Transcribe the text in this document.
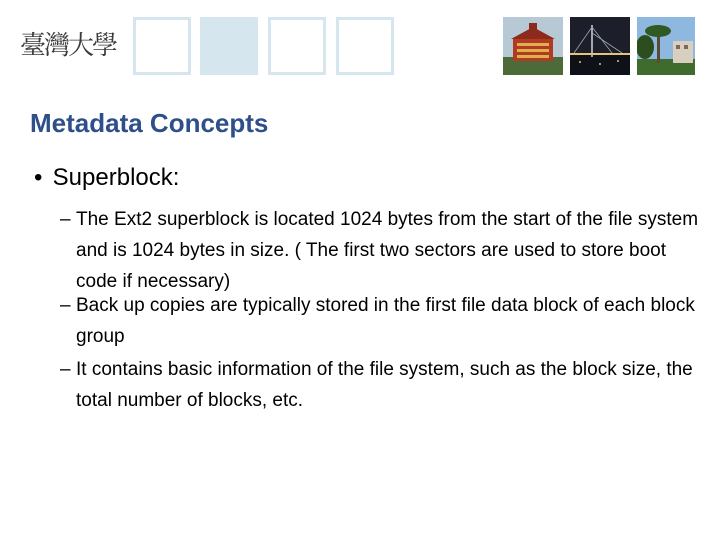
臺灣大學
Metadata Concepts
• Superblock:
– The Ext2 superblock is located 1024 bytes from the start of the file system and is 1024 bytes in size. ( The first two sectors are used to store boot code if necessary)
– Back up copies are typically stored in the first file data block of each block group
– It contains basic information of the file system, such as the block size, the total number of blocks, etc.
